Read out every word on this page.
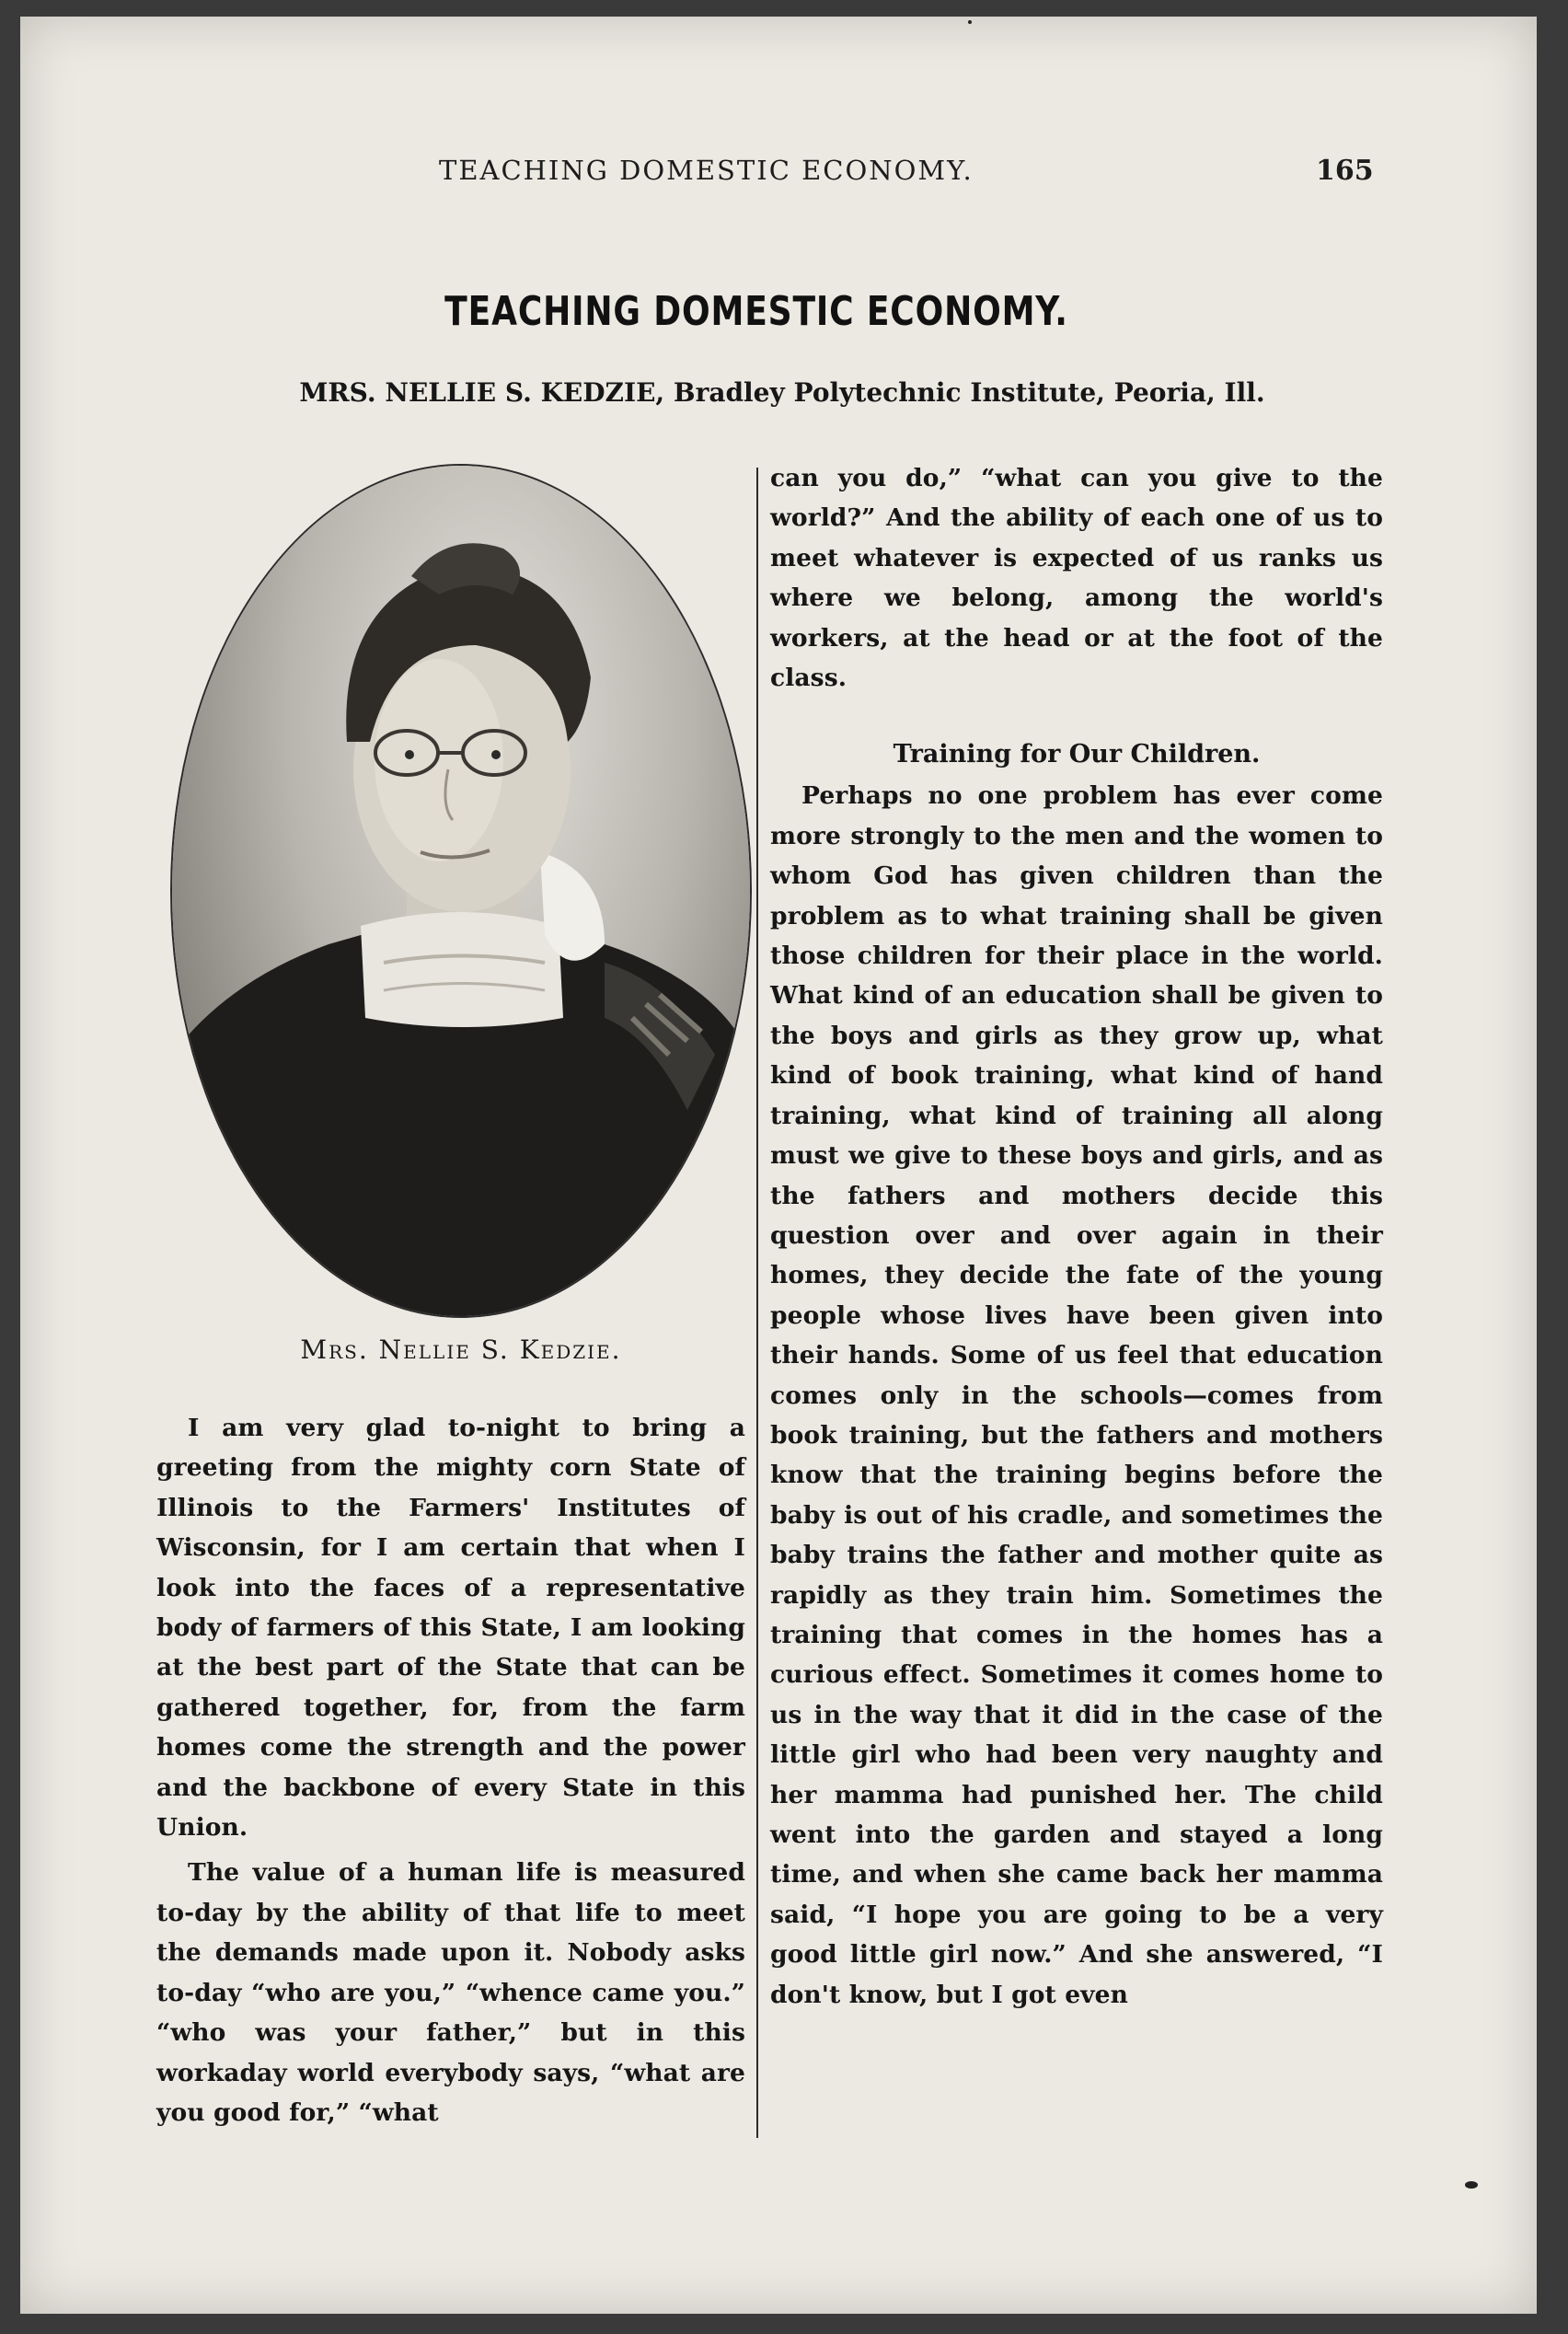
TEACHING DOMESTIC ECONOMY.	165
TEACHING DOMESTIC ECONOMY.
MRS. NELLIE S. KEDZIE, Bradley Polytechnic Institute, Peoria, Ill.
Mrs. Nellie S. Kedzie.

I am very glad to-night to bring a greeting from the mighty corn State of Illinois to the Farmers' Institutes of Wisconsin, for I am certain that when I look into the faces of a representative body of farmers of this State, I am looking at the best part of the State that can be gathered together, for, from the farm homes come the strength and the power and the backbone of every State in this Union.

The value of a human life is measured to-day by the ability of that life to meet the demands made upon it. Nobody asks to-day “who are you,” “whence came you.” “who was your father,” but in this workaday world everybody says, “what are you good for,” “what

can you do,” “what can you give to the world?” And the ability of each one of us to meet whatever is expected of us ranks us where we belong, among the world's workers, at the head or at the foot of the class.

Training for Our Children.

Perhaps no one problem has ever come more strongly to the men and the women to whom God has given children than the problem as to what training shall be given those children for their place in the world. What kind of an education shall be given to the boys and girls as they grow up, what kind of book training, what kind of hand training, what kind of training all along must we give to these boys and girls, and as the fathers and mothers decide this question over and over again in their homes, they decide the fate of the young people whose lives have been given into their hands. Some of us feel that education comes only in the schools—comes from book training, but the fathers and mothers know that the training begins before the baby is out of his cradle, and sometimes the baby trains the father and mother quite as rapidly as they train him. Sometimes the training that comes in the homes has a curious effect. Sometimes it comes home to us in the way that it did in the case of the little girl who had been very naughty and her mamma had punished her. The child went into the garden and stayed a long time, and when she came back her mamma said, “I hope you are going to be a very good little girl now.” And she answered, “I don't know, but I got even
